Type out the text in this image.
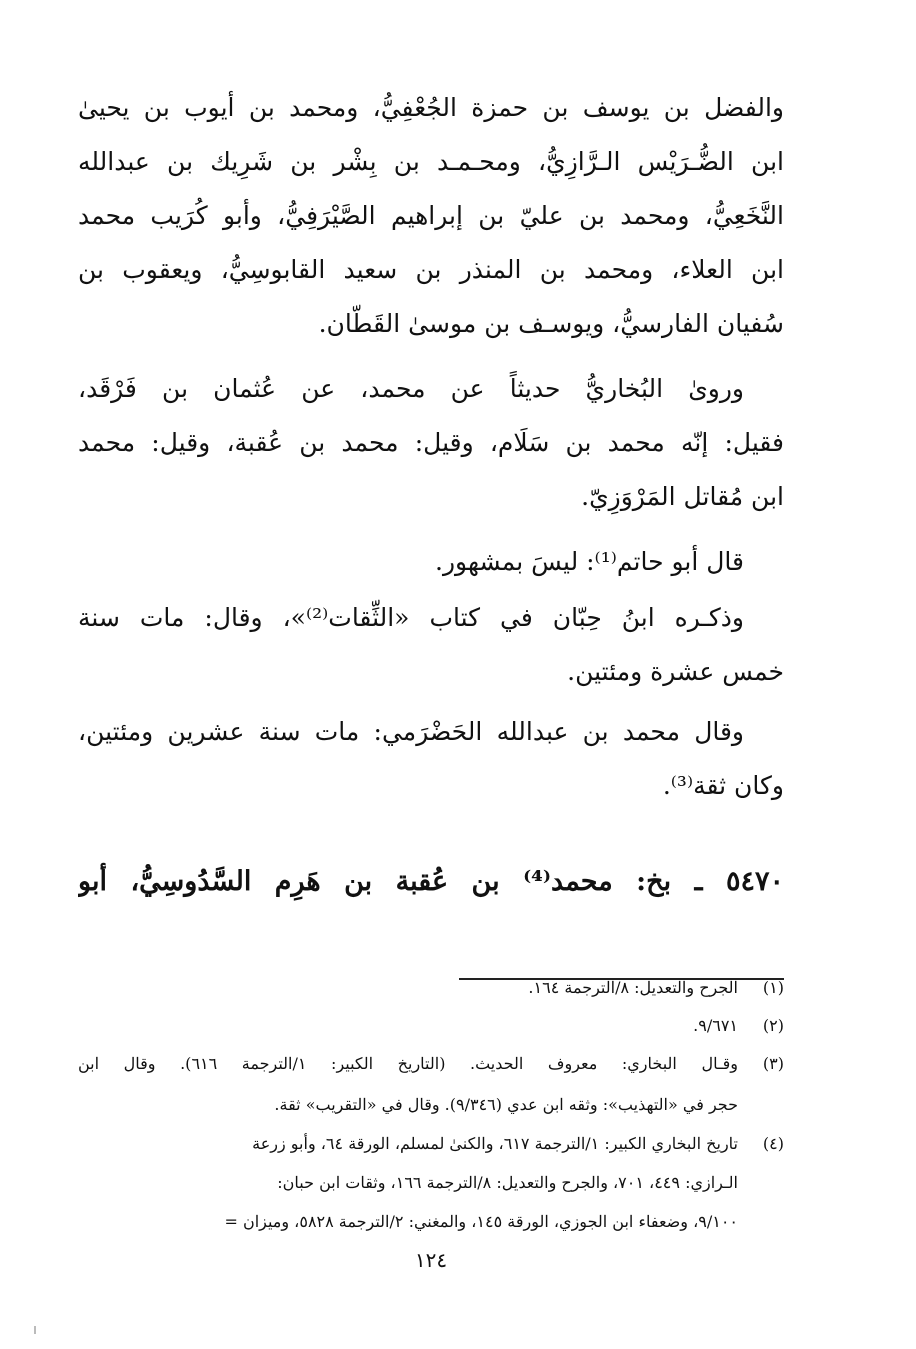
والفضل بن يوسف بن حمزة الجُعْفِيُّ، ومحمد بن أيوب بن يحيىٰ
ابن الضُّـرَيْس الـرَّازِيُّ، ومحـمـد بن بِشْر بن شَرِيك بن عبدالله
النَّخَعِيُّ، ومحمد بن عليّ بن إبراهيم الصَّيْرَفِيُّ، وأبو كُرَيب محمد
ابن العلاء، ومحمد بن المنذر بن سعيد القابوسِيُّ، ويعقوب بن
سُفيان الفارسيُّ، ويوسـف بن موسىٰ القَطّان.
ورویٰ البُخاريُّ حديثاً عن محمد، عن عُثمان بن فَرْقَد،
فقيل: إنّه محمد بن سَلَام، وقيل: محمد بن عُقبة، وقيل: محمد
ابن مُقاتل المَرْوَزِيّ.
قال أبو حاتم⁽¹⁾: ليسَ بمشهور.
وذكـره ابنُ حِبّان في كتاب «الثِّقات⁽²⁾»، وقال: مات سنة
خمس عشرة ومئتين.
وقال محمد بن عبدالله الحَضْرَمي: مات سنة عشرين ومئتين،
وكان ثقة⁽³⁾.
٥٤٧٠ ـ بخ: محمد⁽⁴⁾ بن عُقبة بن هَرِم السَّدُوسِيُّ، أبو
(١)الجرح والتعديل: ٨/الترجمة ١٦٤.
(٢)٩/٦٧١.
(٣)وقـال البخاري: معروف الحديث. (التاريخ الكبير: ١/الترجمة ٦١٦). وقال ابن
حجر في «التهذيب»: وثقه ابن عدي (٩/٣٤٦). وقال في «التقريب» ثقة.
(٤)تاريخ البخاري الكبير: ١/الترجمة ٦١٧، والكنىٰ لمسلم، الورقة ٦٤، وأبو زرعة
الـرازي: ٤٤٩، ٧٠١، والجرح والتعديل: ٨/الترجمة ١٦٦، وثقات ابن حبان:
٩/١٠٠، وضعفاء ابن الجوزي، الورقة ١٤٥، والمغني: ٢/الترجمة ٥٨٢٨، وميزان =
١٢٤
